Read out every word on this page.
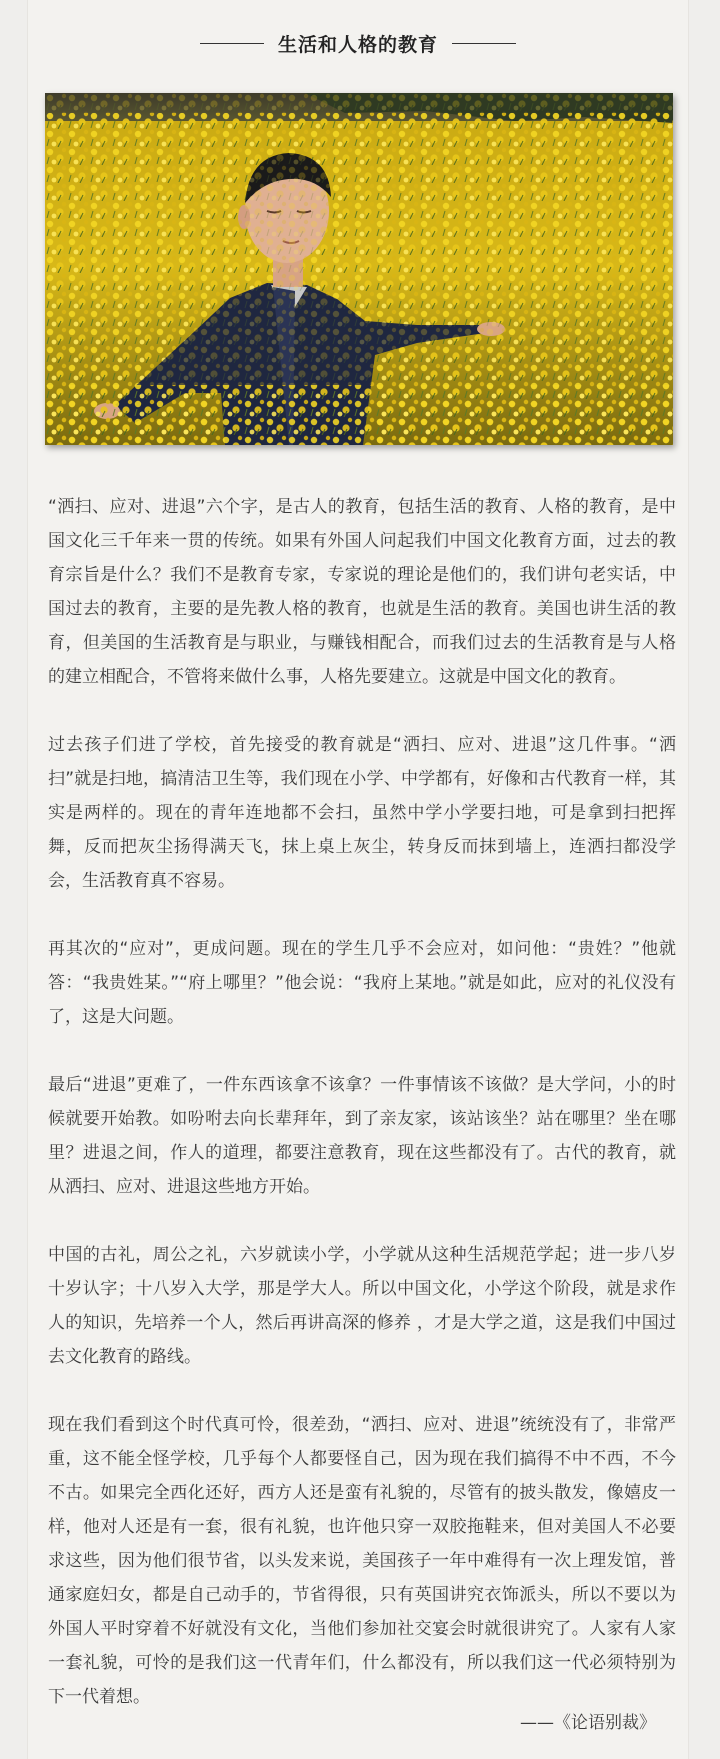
生活和人格的教育

“洒扫、应对、进退”六个字，是古人的教育，包括生活的教育、人格的教育，是中国文化三千年来一贯的传统。如果有外国人问起我们中国文化教育方面，过去的教育宗旨是什么？我们不是教育专家，专家说的理论是他们的，我们讲句老实话，中国过去的教育，主要的是先教人格的教育，也就是生活的教育。美国也讲生活的教育，但美国的生活教育是与职业，与赚钱相配合，而我们过去的生活教育是与人格的建立相配合，不管将来做什么事，人格先要建立。这就是中国文化的教育。

过去孩子们进了学校，首先接受的教育就是“洒扫、应对、进退”这几件事。“洒扫”就是扫地，搞清洁卫生等，我们现在小学、中学都有，好像和古代教育一样，其实是两样的。现在的青年连地都不会扫，虽然中学小学要扫地，可是拿到扫把挥舞，反而把灰尘扬得满天飞，抹上桌上灰尘，转身反而抹到墙上，连洒扫都没学会，生活教育真不容易。

再其次的“应对”，更成问题。现在的学生几乎不会应对，如问他：“贵姓？”他就答：“我贵姓某。”“府上哪里？”他会说：“我府上某地。”就是如此，应对的礼仪没有了，这是大问题。

最后“进退”更难了，一件东西该拿不该拿？一件事情该不该做？是大学问，小的时候就要开始教。如吩咐去向长辈拜年，到了亲友家，该站该坐？站在哪里？坐在哪里？进退之间，作人的道理，都要注意教育，现在这些都没有了。古代的教育，就从洒扫、应对、进退这些地方开始。

中国的古礼，周公之礼，六岁就读小学，小学就从这种生活规范学起；进一步八岁十岁认字；十八岁入大学，那是学大人。所以中国文化，小学这个阶段，就是求作人的知识，先培养一个人，然后再讲高深的修养 ，才是大学之道，这是我们中国过去文化教育的路线。

现在我们看到这个时代真可怜，很差劲，“洒扫、应对、进退”统统没有了，非常严重，这不能全怪学校，几乎每个人都要怪自己，因为现在我们搞得不中不西，不今不古。如果完全西化还好，西方人还是蛮有礼貌的，尽管有的披头散发，像嬉皮一样，他对人还是有一套，很有礼貌，也许他只穿一双胶拖鞋来，但对美国人不必要求这些，因为他们很节省，以头发来说，美国孩子一年中难得有一次上理发馆，普通家庭妇女，都是自己动手的，节省得很，只有英国讲究衣饰派头，所以不要以为外国人平时穿着不好就没有文化，当他们参加社交宴会时就很讲究了。人家有人家一套礼貌，可怜的是我们这一代青年们，什么都没有，所以我们这一代必须特别为下一代着想。

——《论语别裁》
